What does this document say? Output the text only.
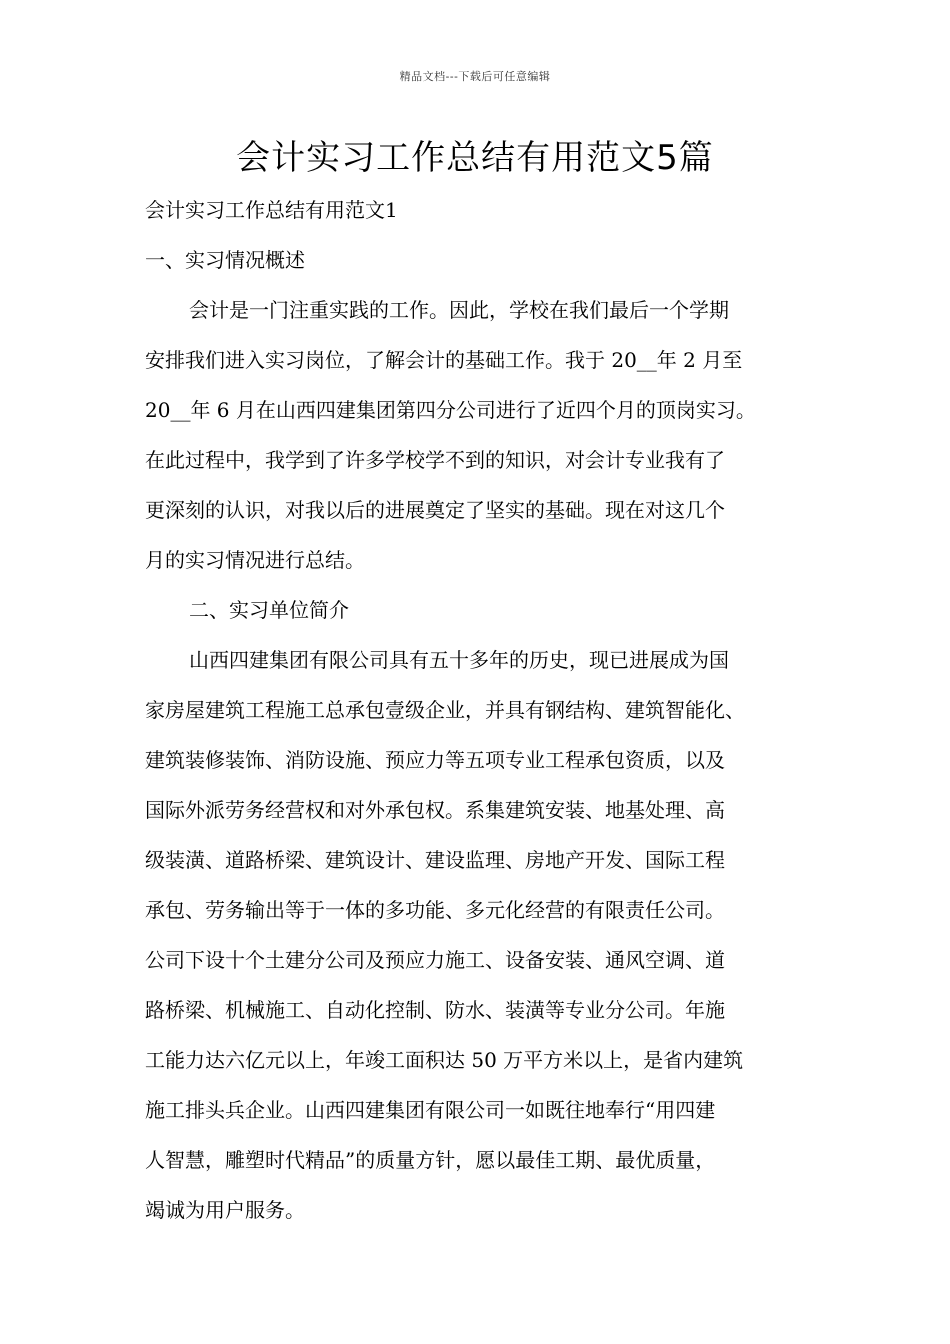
精品文档---下载后可任意编辑
会计实习工作总结有用范文5篇
会计实习工作总结有用范文1
一、实习情况概述
会计是一门注重实践的工作。因此，学校在我们最后一个学期
安排我们进入实习岗位，了解会计的基础工作。我于 20__年 2 月至
20__年 6 月在山西四建集团第四分公司进行了近四个月的顶岗实习。
在此过程中，我学到了许多学校学不到的知识，对会计专业我有了
更深刻的认识，对我以后的进展奠定了坚实的基础。现在对这几个
月的实习情况进行总结。
二、实习单位简介
山西四建集团有限公司具有五十多年的历史，现已进展成为国
家房屋建筑工程施工总承包壹级企业，并具有钢结构、建筑智能化、
建筑装修装饰、消防设施、预应力等五项专业工程承包资质，以及
国际外派劳务经营权和对外承包权。系集建筑安装、地基处理、高
级装潢、道路桥梁、建筑设计、建设监理、房地产开发、国际工程
承包、劳务输出等于一体的多功能、多元化经营的有限责任公司。
公司下设十个土建分公司及预应力施工、设备安装、通风空调、道
路桥梁、机械施工、自动化控制、防水、装潢等专业分公司。年施
工能力达六亿元以上，年竣工面积达 50 万平方米以上，是省内建筑
施工排头兵企业。山西四建集团有限公司一如既往地奉行“用四建
人智慧，雕塑时代精品”的质量方针，愿以最佳工期、最优质量，
竭诚为用户服务。
